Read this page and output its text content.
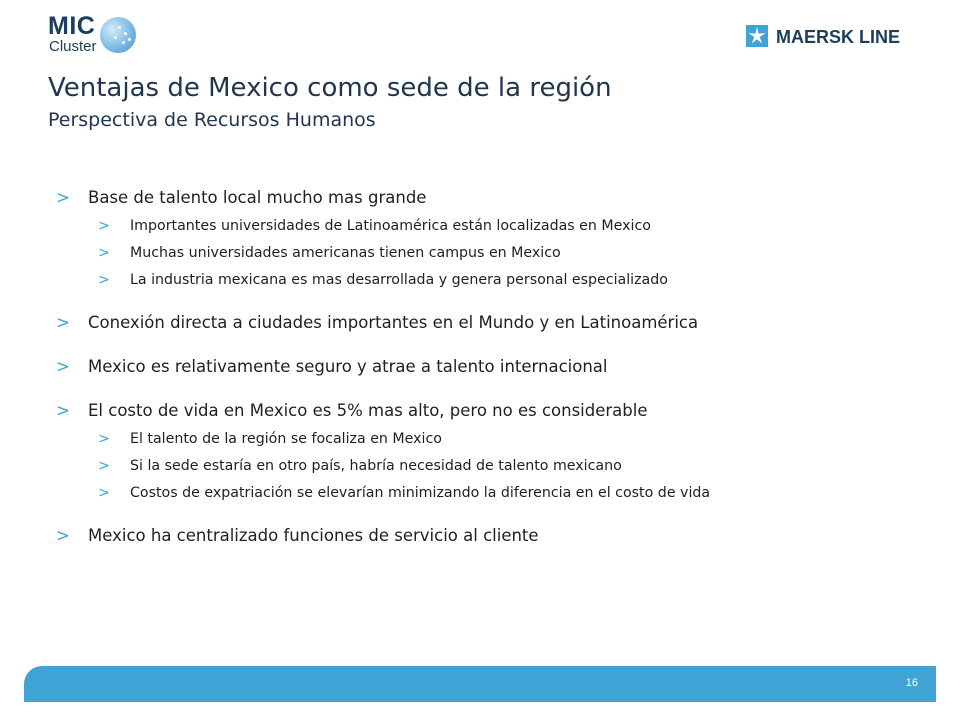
MIC
Cluster	MAERSK LINE
Ventajas de Mexico como sede de la región
Perspectiva de Recursos Humanos
> Base de talento local mucho mas grande
> Importantes universidades de Latinoamérica están localizadas en Mexico
> Muchas universidades americanas tienen campus en Mexico
> La industria mexicana es mas desarrollada y genera personal especializado
> Conexión directa a ciudades importantes en el Mundo y en Latinoamérica
> Mexico es relativamente seguro y atrae a talento internacional
> El costo de vida en Mexico es 5% mas alto, pero no es considerable
> El talento de la región se focaliza en Mexico
> Si la sede estaría en otro país, habría necesidad de talento mexicano
> Costos de expatriación se elevarían minimizando la diferencia en el costo de vida
> Mexico ha centralizado funciones de servicio al cliente
16
